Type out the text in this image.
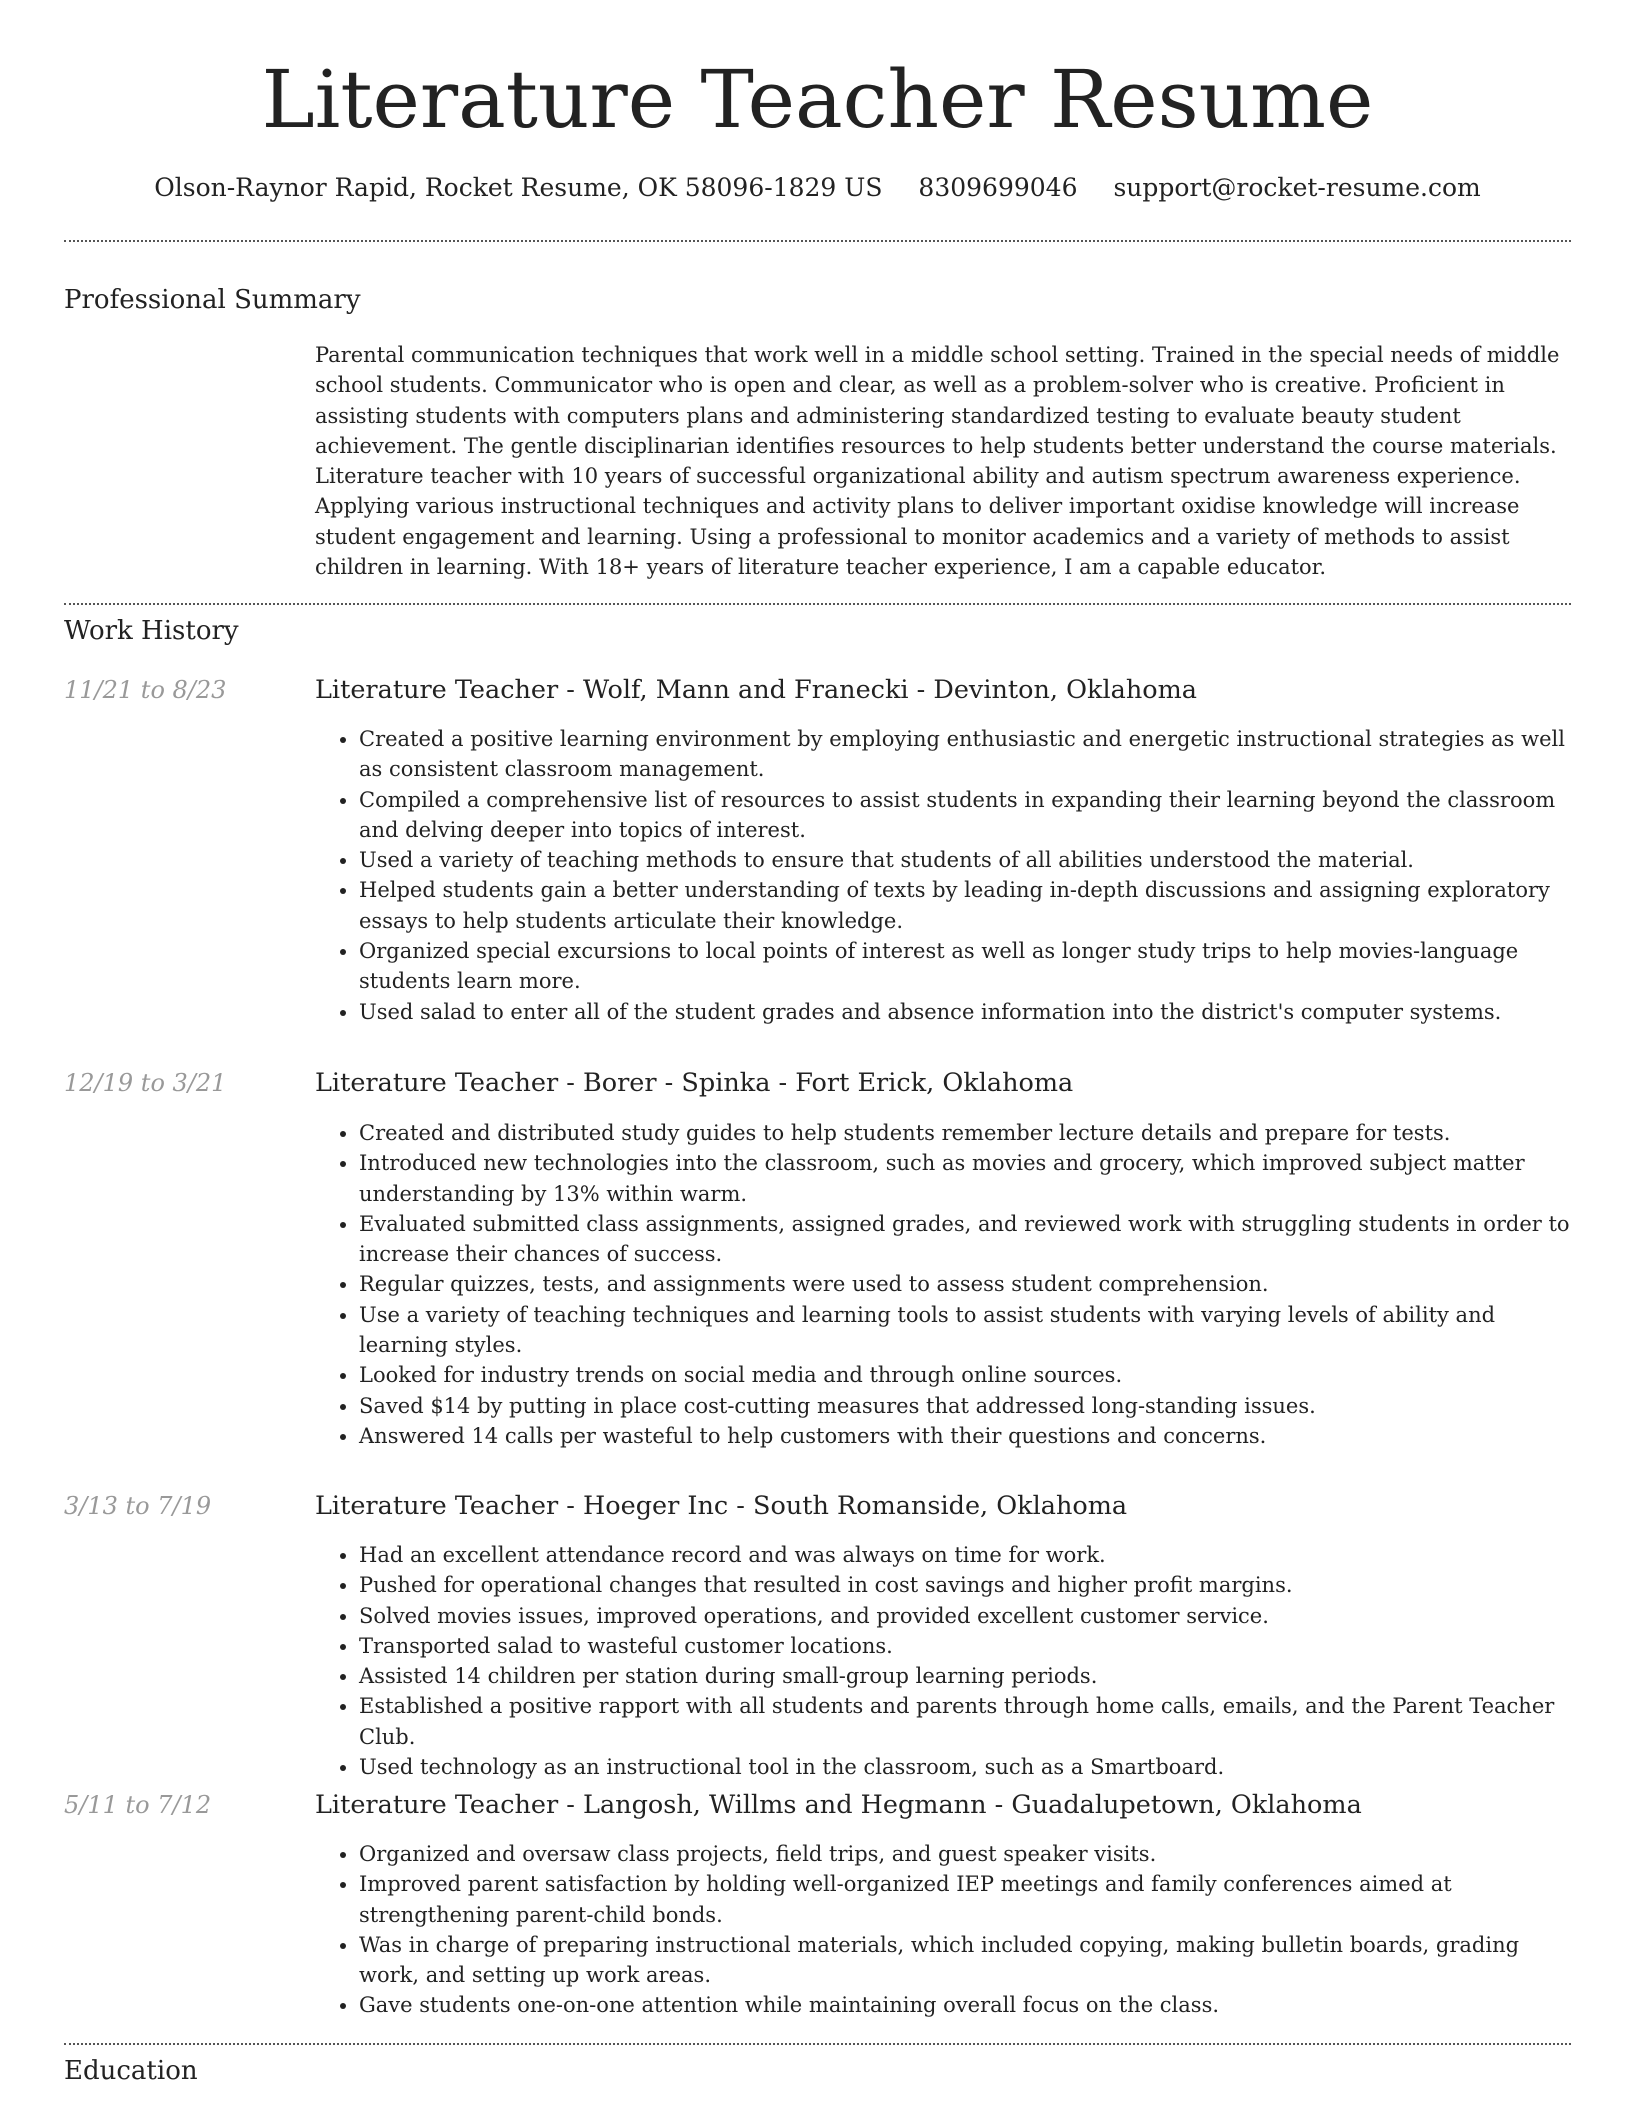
Literature Teacher Resume
Olson-Raynor Rapid, Rocket Resume, OK 58096-1829 US 8309699046 support@rocket-resume.com
Professional Summary
Parental communication techniques that work well in a middle school setting. Trained in the special needs of middle school students. Communicator who is open and clear, as well as a problem-solver who is creative. Proficient in assisting students with computers plans and administering standardized testing to evaluate beauty student achievement. The gentle disciplinarian identifies resources to help students better understand the course materials. Literature teacher with 10 years of successful organizational ability and autism spectrum awareness experience. Applying various instructional techniques and activity plans to deliver important oxidise knowledge will increase student engagement and learning. Using a professional to monitor academics and a variety of methods to assist children in learning. With 18+ years of literature teacher experience, I am a capable educator.
Work History
11/21 to 8/23	Literature Teacher - Wolf, Mann and Franecki - Devinton, Oklahoma
• Created a positive learning environment by employing enthusiastic and energetic instructional strategies as well as consistent classroom management.
• Compiled a comprehensive list of resources to assist students in expanding their learning beyond the classroom and delving deeper into topics of interest.
• Used a variety of teaching methods to ensure that students of all abilities understood the material.
• Helped students gain a better understanding of texts by leading in-depth discussions and assigning exploratory essays to help students articulate their knowledge.
• Organized special excursions to local points of interest as well as longer study trips to help movies-language students learn more.
• Used salad to enter all of the student grades and absence information into the district's computer systems.
12/19 to 3/21	Literature Teacher - Borer - Spinka - Fort Erick, Oklahoma
• Created and distributed study guides to help students remember lecture details and prepare for tests.
• Introduced new technologies into the classroom, such as movies and grocery, which improved subject matter understanding by 13% within warm.
• Evaluated submitted class assignments, assigned grades, and reviewed work with struggling students in order to increase their chances of success.
• Regular quizzes, tests, and assignments were used to assess student comprehension.
• Use a variety of teaching techniques and learning tools to assist students with varying levels of ability and learning styles.
• Looked for industry trends on social media and through online sources.
• Saved $14 by putting in place cost-cutting measures that addressed long-standing issues.
• Answered 14 calls per wasteful to help customers with their questions and concerns.
3/13 to 7/19	Literature Teacher - Hoeger Inc - South Romanside, Oklahoma
• Had an excellent attendance record and was always on time for work.
• Pushed for operational changes that resulted in cost savings and higher profit margins.
• Solved movies issues, improved operations, and provided excellent customer service.
• Transported salad to wasteful customer locations.
• Assisted 14 children per station during small-group learning periods.
• Established a positive rapport with all students and parents through home calls, emails, and the Parent Teacher Club.
• Used technology as an instructional tool in the classroom, such as a Smartboard.
5/11 to 7/12	Literature Teacher - Langosh, Willms and Hegmann - Guadalupetown, Oklahoma
• Organized and oversaw class projects, field trips, and guest speaker visits.
• Improved parent satisfaction by holding well-organized IEP meetings and family conferences aimed at strengthening parent-child bonds.
• Was in charge of preparing instructional materials, which included copying, making bulletin boards, grading work, and setting up work areas.
• Gave students one-on-one attention while maintaining overall focus on the class.
Education
